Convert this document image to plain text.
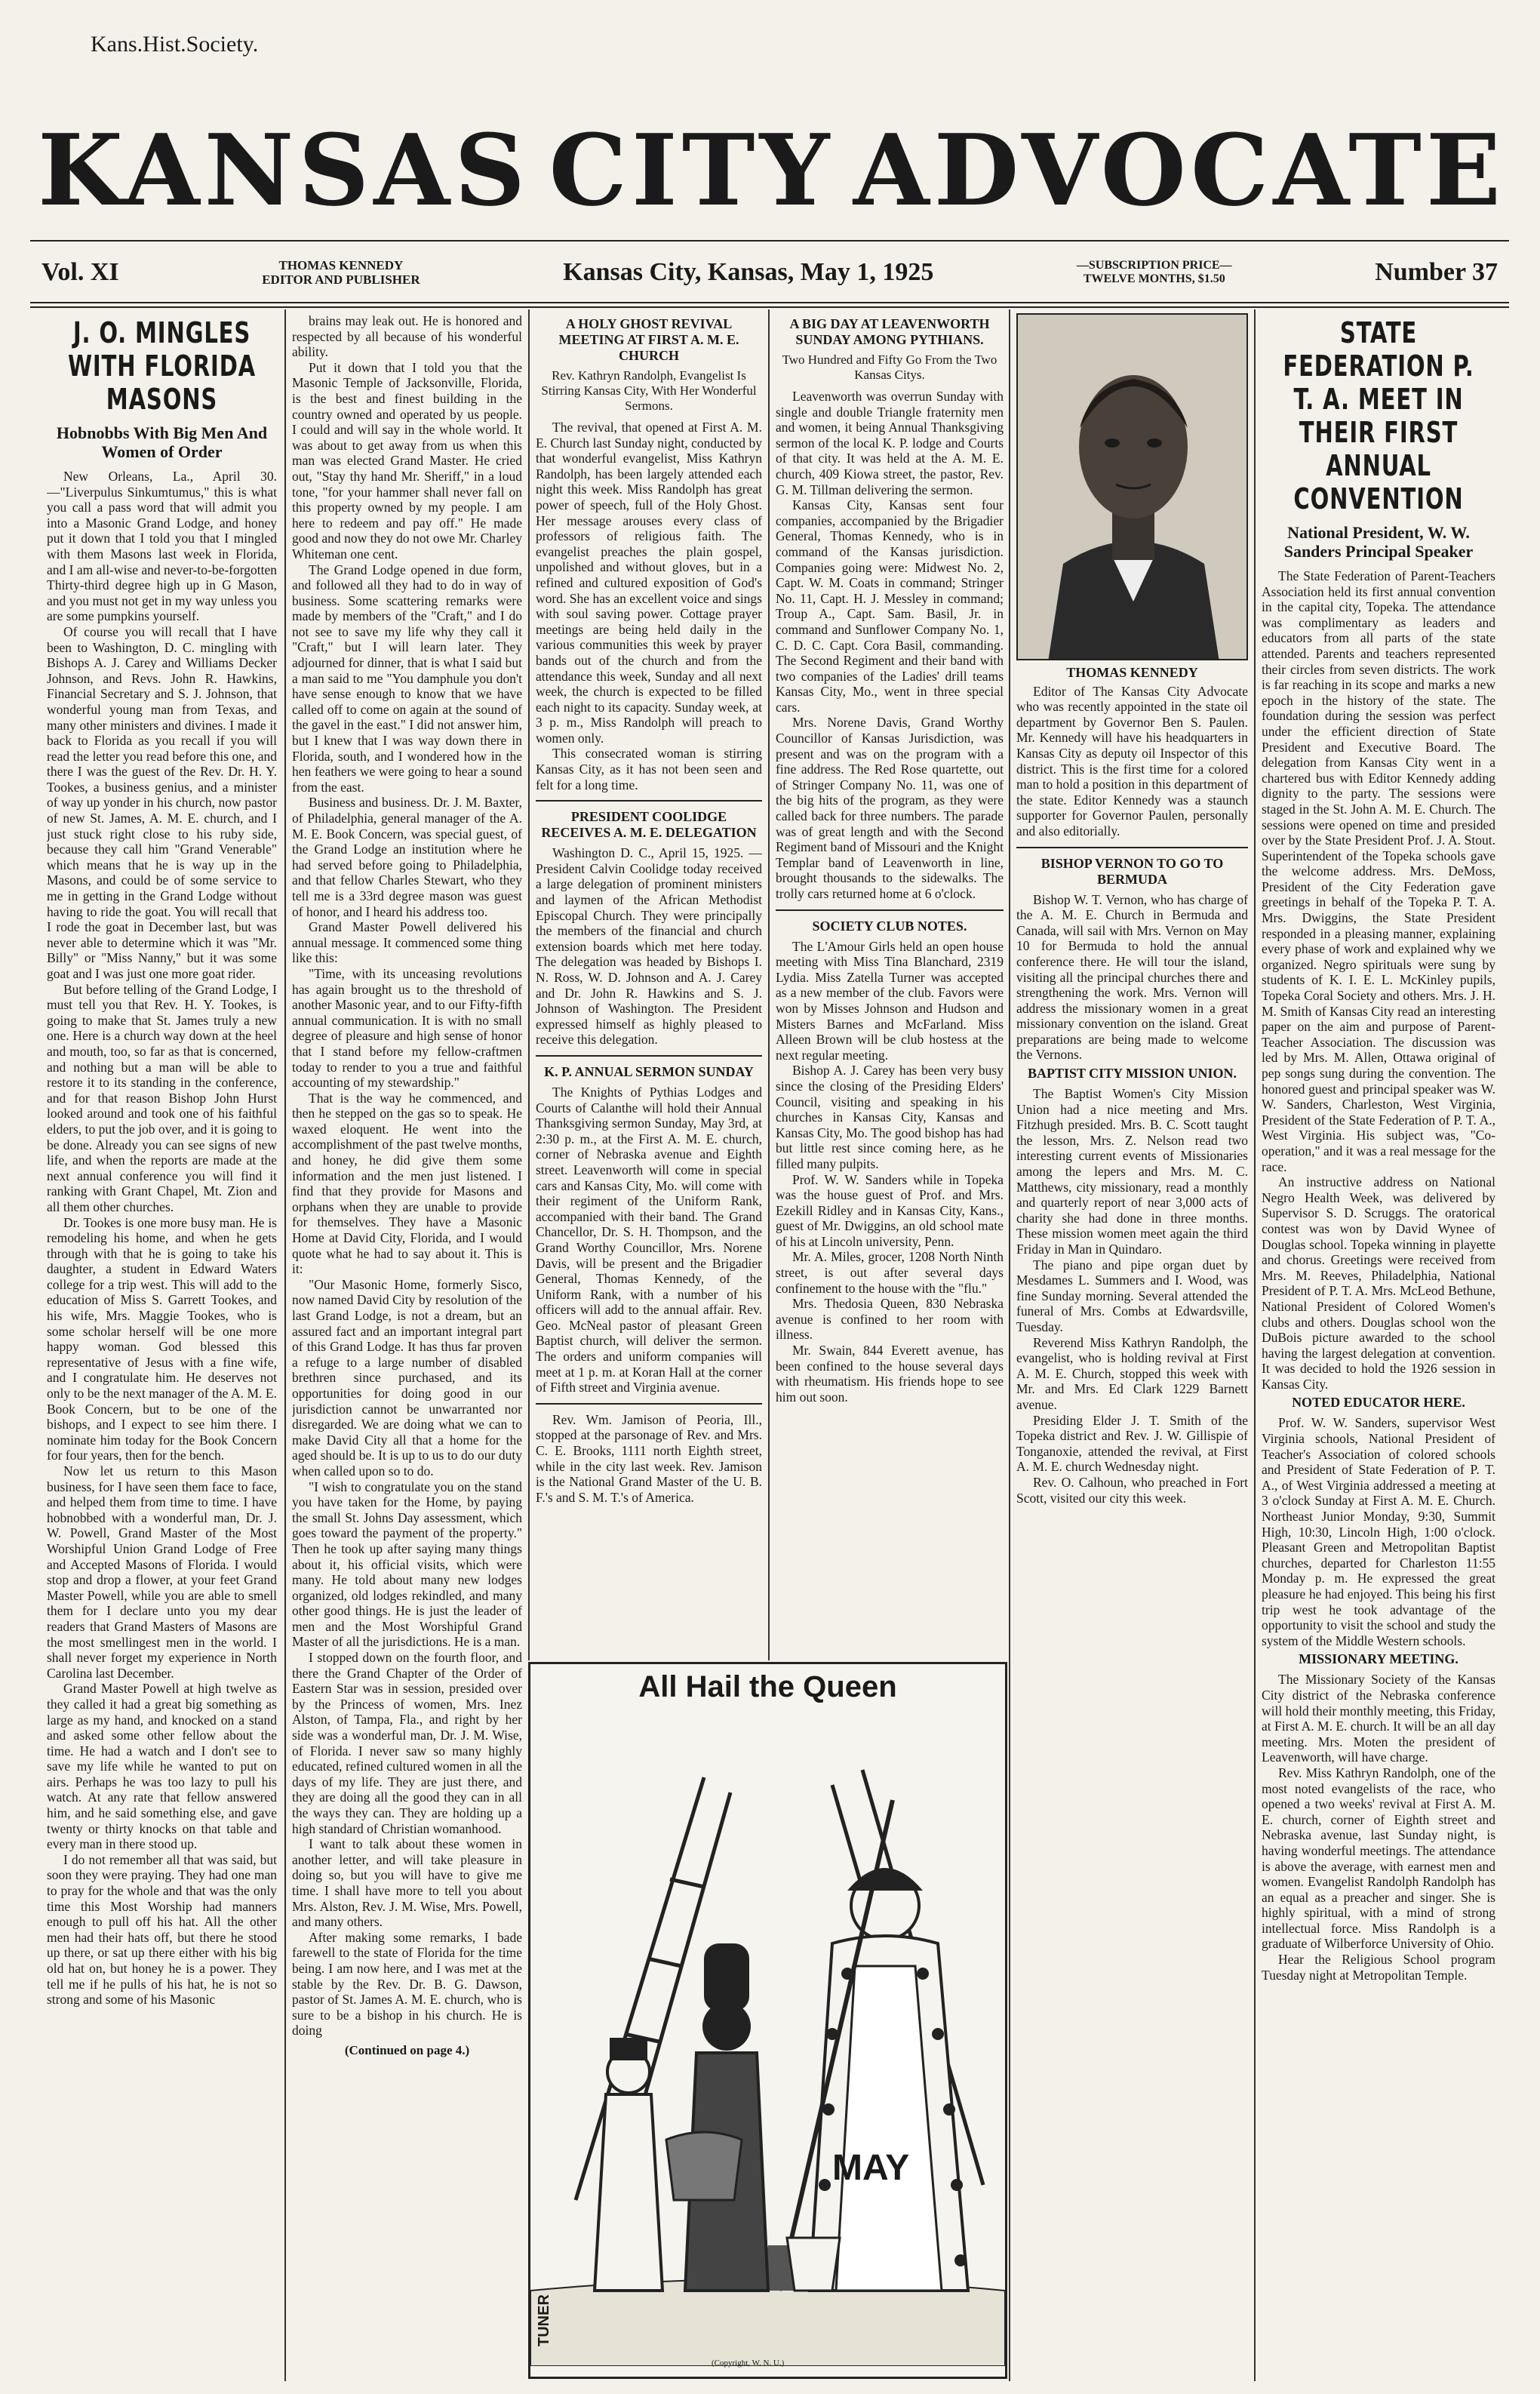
Kans.Hist.Society.
KANSAS CITY ADVOCATE
Vol. XI	THOMAS KENNEDY
EDITOR AND PUBLISHER	Kansas City, Kansas, May 1, 1925	—SUBSCRIPTION PRICE—
TWELVE MONTHS, $1.50	Number 37
J. O. MINGLES WITH FLORIDA MASONS
Hobnobbs With Big Men And Women of Order

New Orleans, La., April 30.—"Liverpulus Sinkumtumus," this is what you call a pass word that will admit you into a Masonic Grand Lodge, and honey put it down that I told you that I mingled with them Masons last week in Florida, and I am all-wise and never-to-be-forgotten Thirty-third degree high up in G Mason, and you must not get in my way unless you are some pumpkins yourself.

Of course you will recall that I have been to Washington, D. C. mingling with Bishops A. J. Carey and Williams Decker Johnson, and Revs. John R. Hawkins, Financial Secretary and S. J. Johnson, that wonderful young man from Texas, and many other ministers and divines. I made it back to Florida as you recall if you will read the letter you read before this one, and there I was the guest of the Rev. Dr. H. Y. Tookes, a business genius, and a minister of way up yonder in his church, now pastor of new St. James, A. M. E. church, and I just stuck right close to his ruby side, because they call him "Grand Venerable" which means that he is way up in the Masons, and could be of some service to me in getting in the Grand Lodge without having to ride the goat. You will recall that I rode the goat in December last, but was never able to determine which it was "Mr. Billy" or "Miss Nanny," but it was some goat and I was just one more goat rider.

But before telling of the Grand Lodge, I must tell you that Rev. H. Y. Tookes, is going to make that St. James truly a new one. Here is a church way down at the heel and mouth, too, so far as that is concerned, and nothing but a man will be able to restore it to its standing in the conference, and for that reason Bishop John Hurst looked around and took one of his faithful elders, to put the job over, and it is going to be done. Already you can see signs of new life, and when the reports are made at the next annual conference you will find it ranking with Grant Chapel, Mt. Zion and all them other churches.

Dr. Tookes is one more busy man. He is remodeling his home, and when he gets through with that he is going to take his daughter, a student in Edward Waters college for a trip west. This will add to the education of Miss S. Garrett Tookes, and his wife, Mrs. Maggie Tookes, who is some scholar herself will be one more happy woman. God blessed this representative of Jesus with a fine wife, and I congratulate him. He deserves not only to be the next manager of the A. M. E. Book Concern, but to be one of the bishops, and I expect to see him there. I nominate him today for the Book Concern for four years, then for the bench.

Now let us return to this Mason business, for I have seen them face to face, and helped them from time to time. I have hobnobbed with a wonderful man, Dr. J. W. Powell, Grand Master of the Most Worshipful Union Grand Lodge of Free and Accepted Masons of Florida. I would stop and drop a flower, at your feet Grand Master Powell, while you are able to smell them for I declare unto you my dear readers that Grand Masters of Masons are the most smellingest men in the world. I shall never forget my experience in North Carolina last December.

Grand Master Powell at high twelve as they called it had a great big something as large as my hand, and knocked on a stand and asked some other fellow about the time. He had a watch and I don't see to save my life while he wanted to put on airs. Perhaps he was too lazy to pull his watch. At any rate that fellow answered him, and he said something else, and gave twenty or thirty knocks on that table and every man in there stood up.

I do not remember all that was said, but soon they were praying. They had one man to pray for the whole and that was the only time this Most Worship had manners enough to pull off his hat. All the other men had their hats off, but there he stood up there, or sat up there either with his big old hat on, but honey he is a power. They tell me if he pulls of his hat, he is not so strong and some of his Masonic

brains may leak out. He is honored and respected by all because of his wonderful ability.

Put it down that I told you that the Masonic Temple of Jacksonville, Florida, is the best and finest building in the country owned and operated by us people. I could and will say in the whole world. It was about to get away from us when this man was elected Grand Master. He cried out, "Stay thy hand Mr. Sheriff," in a loud tone, "for your hammer shall never fall on this property owned by my people. I am here to redeem and pay off." He made good and now they do not owe Mr. Charley Whiteman one cent.

The Grand Lodge opened in due form, and followed all they had to do in way of business. Some scattering remarks were made by members of the "Craft," and I do not see to save my life why they call it "Craft," but I will learn later. They adjourned for dinner, that is what I said but a man said to me "You damphule you don't have sense enough to know that we have called off to come on again at the sound of the gavel in the east." I did not answer him, but I knew that I was way down there in Florida, south, and I wondered how in the hen feathers we were going to hear a sound from the east.

Business and business. Dr. J. M. Baxter, of Philadelphia, general manager of the A. M. E. Book Concern, was special guest, of the Grand Lodge an institution where he had served before going to Philadelphia, and that fellow Charles Stewart, who they tell me is a 33rd degree mason was guest of honor, and I heard his address too.

Grand Master Powell delivered his annual message. It commenced some thing like this:

"Time, with its unceasing revolutions has again brought us to the threshold of another Masonic year, and to our Fifty-fifth annual communication. It is with no small degree of pleasure and high sense of honor that I stand before my fellow-craftmen today to render to you a true and faithful accounting of my stewardship."

That is the way he commenced, and then he stepped on the gas so to speak. He waxed eloquent. He went into the accomplishment of the past twelve months, and honey, he did give them some information and the men just listened. I find that they provide for Masons and orphans when they are unable to provide for themselves. They have a Masonic Home at David City, Florida, and I would quote what he had to say about it. This is it:

"Our Masonic Home, formerly Sisco, now named David City by resolution of the last Grand Lodge, is not a dream, but an assured fact and an important integral part of this Grand Lodge. It has thus far proven a refuge to a large number of disabled brethren since purchased, and its opportunities for doing good in our jurisdiction cannot be unwarranted nor disregarded. We are doing what we can to make David City all that a home for the aged should be. It is up to us to do our duty when called upon so to do.

"I wish to congratulate you on the stand you have taken for the Home, by paying the small St. Johns Day assessment, which goes toward the payment of the property." Then he took up after saying many things about it, his official visits, which were many. He told about many new lodges organized, old lodges rekindled, and many other good things. He is just the leader of men and the Most Worshipful Grand Master of all the jurisdictions. He is a man.

I stopped down on the fourth floor, and there the Grand Chapter of the Order of Eastern Star was in session, presided over by the Princess of women, Mrs. Inez Alston, of Tampa, Fla., and right by her side was a wonderful man, Dr. J. M. Wise, of Florida. I never saw so many highly educated, refined cultured women in all the days of my life. They are just there, and they are doing all the good they can in all the ways they can. They are holding up a high standard of Christian womanhood.

I want to talk about these women in another letter, and will take pleasure in doing so, but you will have to give me time. I shall have more to tell you about Mrs. Alston, Rev. J. M. Wise, Mrs. Powell, and many others.

After making some remarks, I bade farewell to the state of Florida for the time being. I am now here, and I was met at the stable by the Rev. Dr. B. G. Dawson, pastor of St. James A. M. E. church, who is sure to be a bishop in his church. He is doing

(Continued on page 4.)
A HOLY GHOST REVIVAL MEETING AT FIRST A. M. E. CHURCH
Rev. Kathryn Randolph, Evangelist Is Stirring Kansas City, With Her Wonderful Sermons.

The revival, that opened at First A. M. E. Church last Sunday night, conducted by that wonderful evangelist, Miss Kathryn Randolph, has been largely attended each night this week. Miss Randolph has great power of speech, full of the Holy Ghost. Her message arouses every class of professors of religious faith. The evangelist preaches the plain gospel, unpolished and without gloves, but in a refined and cultured exposition of God's word. She has an excellent voice and sings with soul saving power. Cottage prayer meetings are being held daily in the various communities this week by prayer bands out of the church and from the attendance this week, Sunday and all next week, the church is expected to be filled each night to its capacity. Sunday week, at 3 p. m., Miss Randolph will preach to women only.

This consecrated woman is stirring Kansas City, as it has not been seen and felt for a long time.

PRESIDENT COOLIDGE RECEIVES A. M. E. DELEGATION

Washington D. C., April 15, 1925. —President Calvin Coolidge today received a large delegation of prominent ministers and laymen of the African Methodist Episcopal Church. They were principally the members of the financial and church extension boards which met here today. The delegation was headed by Bishops I. N. Ross, W. D. Johnson and A. J. Carey and Dr. John R. Hawkins and S. J. Johnson of Washington. The President expressed himself as highly pleased to receive this delegation.

K. P. ANNUAL SERMON SUNDAY

The Knights of Pythias Lodges and Courts of Calanthe will hold their Annual Thanksgiving sermon Sunday, May 3rd, at 2:30 p. m., at the First A. M. E. church, corner of Nebraska avenue and Eighth street. Leavenworth will come in special cars and Kansas City, Mo. will come with their regiment of the Uniform Rank, accompanied with their band. The Grand Chancellor, Dr. S. H. Thompson, and the Grand Worthy Councillor, Mrs. Norene Davis, will be present and the Brigadier General, Thomas Kennedy, of the Uniform Rank, with a number of his officers will add to the annual affair. Rev. Geo. McNeal pastor of pleasant Green Baptist church, will deliver the sermon. The orders and uniform companies will meet at 1 p. m. at Koran Hall at the corner of Fifth street and Virginia avenue.

Rev. Wm. Jamison of Peoria, Ill., stopped at the parsonage of Rev. and Mrs. C. E. Brooks, 1111 north Eighth street, while in the city last week. Rev. Jamison is the National Grand Master of the U. B. F.'s and S. M. T.'s of America.

A BIG DAY AT LEAVENWORTH SUNDAY AMONG PYTHIANS.
Two Hundred and Fifty Go From the Two Kansas Citys.

Leavenworth was overrun Sunday with single and double Triangle fraternity men and women, it being Annual Thanksgiving sermon of the local K. P. lodge and Courts of that city. It was held at the A. M. E. church, 409 Kiowa street, the pastor, Rev. G. M. Tillman delivering the sermon.

Kansas City, Kansas sent four companies, accompanied by the Brigadier General, Thomas Kennedy, who is in command of the Kansas jurisdiction. Companies going were: Midwest No. 2, Capt. W. M. Coats in command; Stringer No. 11, Capt. H. J. Messley in command; Troup A., Capt. Sam. Basil, Jr. in command and Sunflower Company No. 1, C. D. C. Capt. Cora Basil, commanding. The Second Regiment and their band with two companies of the Ladies' drill teams Kansas City, Mo., went in three special cars.

Mrs. Norene Davis, Grand Worthy Councillor of Kansas Jurisdiction, was present and was on the program with a fine address. The Red Rose quartette, out of Stringer Company No. 11, was one of the big hits of the program, as they were called back for three numbers. The parade was of great length and with the Second Regiment band of Missouri and the Knight Templar band of Leavenworth in line, brought thousands to the sidewalks. The trolly cars returned home at 6 o'clock.

SOCIETY CLUB NOTES.

The L'Amour Girls held an open house meeting with Miss Tina Blanchard, 2319 Lydia. Miss Zatella Turner was accepted as a new member of the club. Favors were won by Misses Johnson and Hudson and Misters Barnes and McFarland. Miss Alleen Brown will be club hostess at the next regular meeting.

Bishop A. J. Carey has been very busy since the closing of the Presiding Elders' Council, visiting and speaking in his churches in Kansas City, Kansas and Kansas City, Mo. The good bishop has had but little rest since coming here, as he filled many pulpits.

Prof. W. W. Sanders while in Topeka was the house guest of Prof. and Mrs. Ezekill Ridley and in Kansas City, Kans., guest of Mr. Dwiggins, an old school mate of his at Lincoln university, Penn.

Mr. A. Miles, grocer, 1208 North Ninth street, is out after several days confinement to the house with the "flu."

Mrs. Thedosia Queen, 830 Nebraska avenue is confined to her room with illness.

Mr. Swain, 844 Everett avenue, has been confined to the house several days with rheumatism. His friends hope to see him out soon.

THOMAS KENNEDY

Editor of The Kansas City Advocate who was recently appointed in the state oil department by Governor Ben S. Paulen. Mr. Kennedy will have his headquarters in Kansas City as deputy oil Inspector of this district. This is the first time for a colored man to hold a position in this department of the state. Editor Kennedy was a staunch supporter for Governor Paulen, personally and also editorially.

BISHOP VERNON TO GO TO BERMUDA

Bishop W. T. Vernon, who has charge of the A. M. E. Church in Bermuda and Canada, will sail with Mrs. Vernon on May 10 for Bermuda to hold the annual conference there. He will tour the island, visiting all the principal churches there and strengthening the work. Mrs. Vernon will address the missionary women in a great missionary convention on the island. Great preparations are being made to welcome the Vernons.

BAPTIST CITY MISSION UNION.

The Baptist Women's City Mission Union had a nice meeting and Mrs. Fitzhugh presided. Mrs. B. C. Scott taught the lesson, Mrs. Z. Nelson read two interesting current events of Missionaries among the lepers and Mrs. M. C. Matthews, city missionary, read a monthly and quarterly report of near 3,000 acts of charity she had done in three months. These mission women meet again the third Friday in Man in Quindaro.

The piano and pipe organ duet by Mesdames L. Summers and I. Wood, was fine Sunday morning. Several attended the funeral of Mrs. Combs at Edwardsville, Tuesday.

Reverend Miss Kathryn Randolph, the evangelist, who is holding revival at First A. M. E. Church, stopped this week with Mr. and Mrs. Ed Clark 1229 Barnett avenue.

Presiding Elder J. T. Smith of the Topeka district and Rev. J. W. Gillispie of Tonganoxie, attended the revival, at First A. M. E. church Wednesday night.

Rev. O. Calhoun, who preached in Fort Scott, visited our city this week.

STATE FEDERATION P. T. A. MEET IN THEIR FIRST ANNUAL CONVENTION
National President, W. W. Sanders Principal Speaker

The State Federation of Parent-Teachers Association held its first annual convention in the capital city, Topeka. The attendance was complimentary as leaders and educators from all parts of the state attended. Parents and teachers represented their circles from seven districts. The work is far reaching in its scope and marks a new epoch in the history of the state. The foundation during the session was perfect under the efficient direction of State President and Executive Board. The delegation from Kansas City went in a chartered bus with Editor Kennedy adding dignity to the party. The sessions were staged in the St. John A. M. E. Church. The sessions were opened on time and presided over by the State President Prof. J. A. Stout. Superintendent of the Topeka schools gave the welcome address. Mrs. DeMoss, President of the City Federation gave greetings in behalf of the Topeka P. T. A. Mrs. Dwiggins, the State President responded in a pleasing manner, explaining every phase of work and explained why we organized. Negro spirituals were sung by students of K. I. E. L. McKinley pupils, Topeka Coral Society and others. Mrs. J. H. M. Smith of Kansas City read an interesting paper on the aim and purpose of Parent-Teacher Association. The discussion was led by Mrs. M. Allen, Ottawa original of pep songs sung during the convention. The honored guest and principal speaker was W. W. Sanders, Charleston, West Virginia, President of the State Federation of P. T. A., West Virginia. His subject was, "Co-operation," and it was a real message for the race.

An instructive address on National Negro Health Week, was delivered by Supervisor S. D. Scruggs. The oratorical contest was won by David Wynee of Douglas school. Topeka winning in playette and chorus. Greetings were received from Mrs. M. Reeves, Philadelphia, National President of P. T. A. Mrs. McLeod Bethune, National President of Colored Women's clubs and others. Douglas school won the DuBois picture awarded to the school having the largest delegation at convention. It was decided to hold the 1926 session in Kansas City.

NOTED EDUCATOR HERE.

Prof. W. W. Sanders, supervisor West Virginia schools, National President of Teacher's Association of colored schools and President of State Federation of P. T. A., of West Virginia addressed a meeting at 3 o'clock Sunday at First A. M. E. Church. Northeast Junior Monday, 9:30, Summit High, 10:30, Lincoln High, 1:00 o'clock. Pleasant Green and Metropolitan Baptist churches, departed for Charleston 11:55 Monday p. m. He expressed the great pleasure he had enjoyed. This being his first trip west he took advantage of the opportunity to visit the school and study the system of the Middle Western schools.

MISSIONARY MEETING.

The Missionary Society of the Kansas City district of the Nebraska conference will hold their monthly meeting, this Friday, at First A. M. E. church. It will be an all day meeting. Mrs. Moten the president of Leavenworth, will have charge.

Rev. Miss Kathryn Randolph, one of the most noted evangelists of the race, who opened a two weeks' revival at First A. M. E. church, corner of Eighth street and Nebraska avenue, last Sunday night, is having wonderful meetings. The attendance is above the average, with earnest men and women. Evangelist Randolph Randolph has an equal as a preacher and singer. She is highly spiritual, with a mind of strong intellectual force. Miss Randolph is a graduate of Wilberforce University of Ohio.

Hear the Religious School program Tuesday night at Metropolitan Temple.

All Hail the Queen
MAY
TUNER
(Copyright, W. N. U.)
